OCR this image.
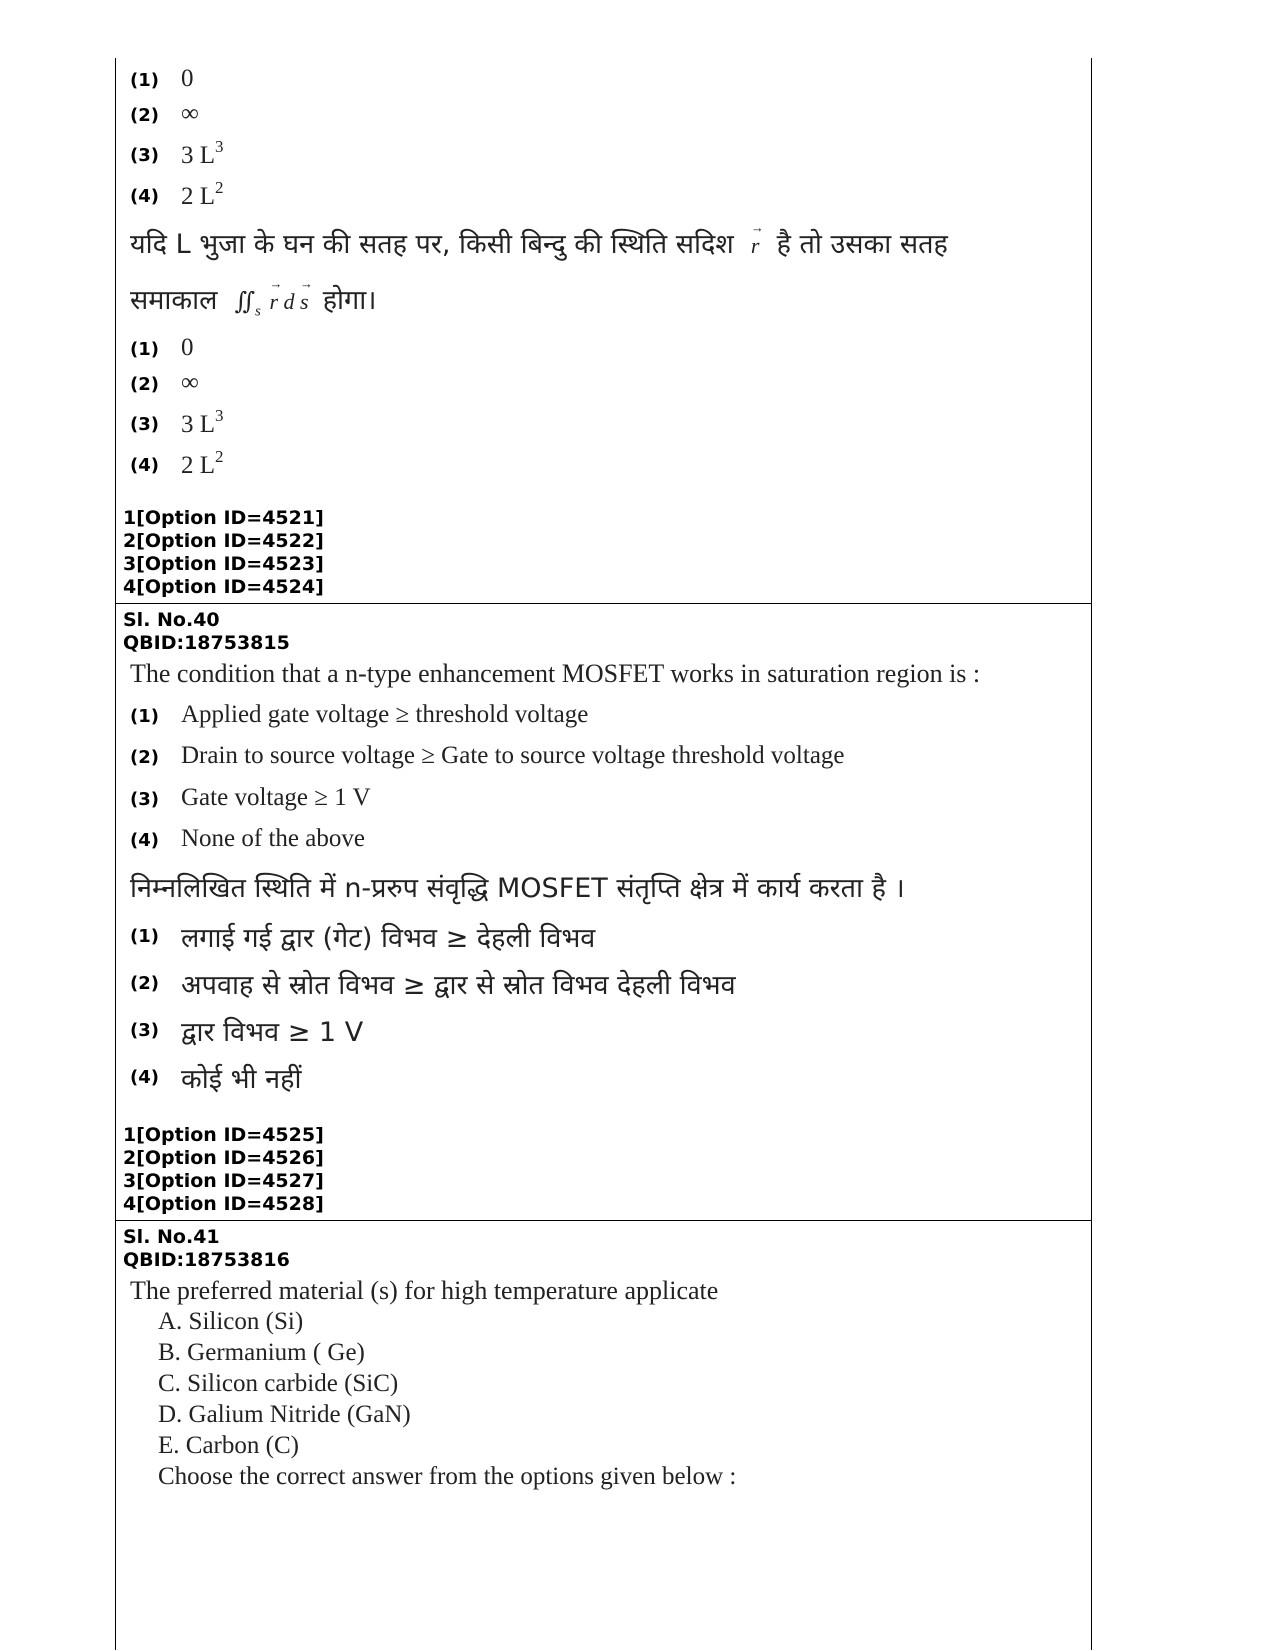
(1) 0
(2) ∞
(3) 3 $L^3$
(4) 2 $L^2$
यदि L भुजा के घन की सतह पर, किसी बिन्दु की स्थिति सदिश r → है तो उसका सतह
समाकाल $∬_s$ r → d s → होगा।
(1) 0
(2) ∞
(3) 3 $L^3$
(4) 2 $L^2$
1[Option ID=4521]
2[Option ID=4522]
3[Option ID=4523]
4[Option ID=4524]
Sl. No.40
QBID:18753815
The condition that a n-type enhancement MOSFET works in saturation region is :
(1) Applied gate voltage ≥ threshold voltage
(2) Drain to source voltage ≥ Gate to source voltage threshold voltage
(3) Gate voltage ≥ 1 V
(4) None of the above
निम्नलिखित स्थिति में n-प्ररुप संवृद्धि MOSFET संतृप्ति क्षेत्र में कार्य करता है ।
(1) लगाई गई द्वार (गेट) विभव ≥ देहली विभव
(2) अपवाह से स्रोत विभव ≥ द्वार से स्रोत विभव देहली विभव
(3) द्वार विभव ≥ 1 V
(4) कोई भी नहीं
1[Option ID=4525]
2[Option ID=4526]
3[Option ID=4527]
4[Option ID=4528]
Sl. No.41
QBID:18753816
The preferred material (s) for high temperature applicate
A. Silicon (Si)
B. Germanium ( Ge)
C. Silicon carbide (SiC)
D. Galium Nitride (GaN)
E. Carbon (C)
Choose the correct answer from the options given below :
